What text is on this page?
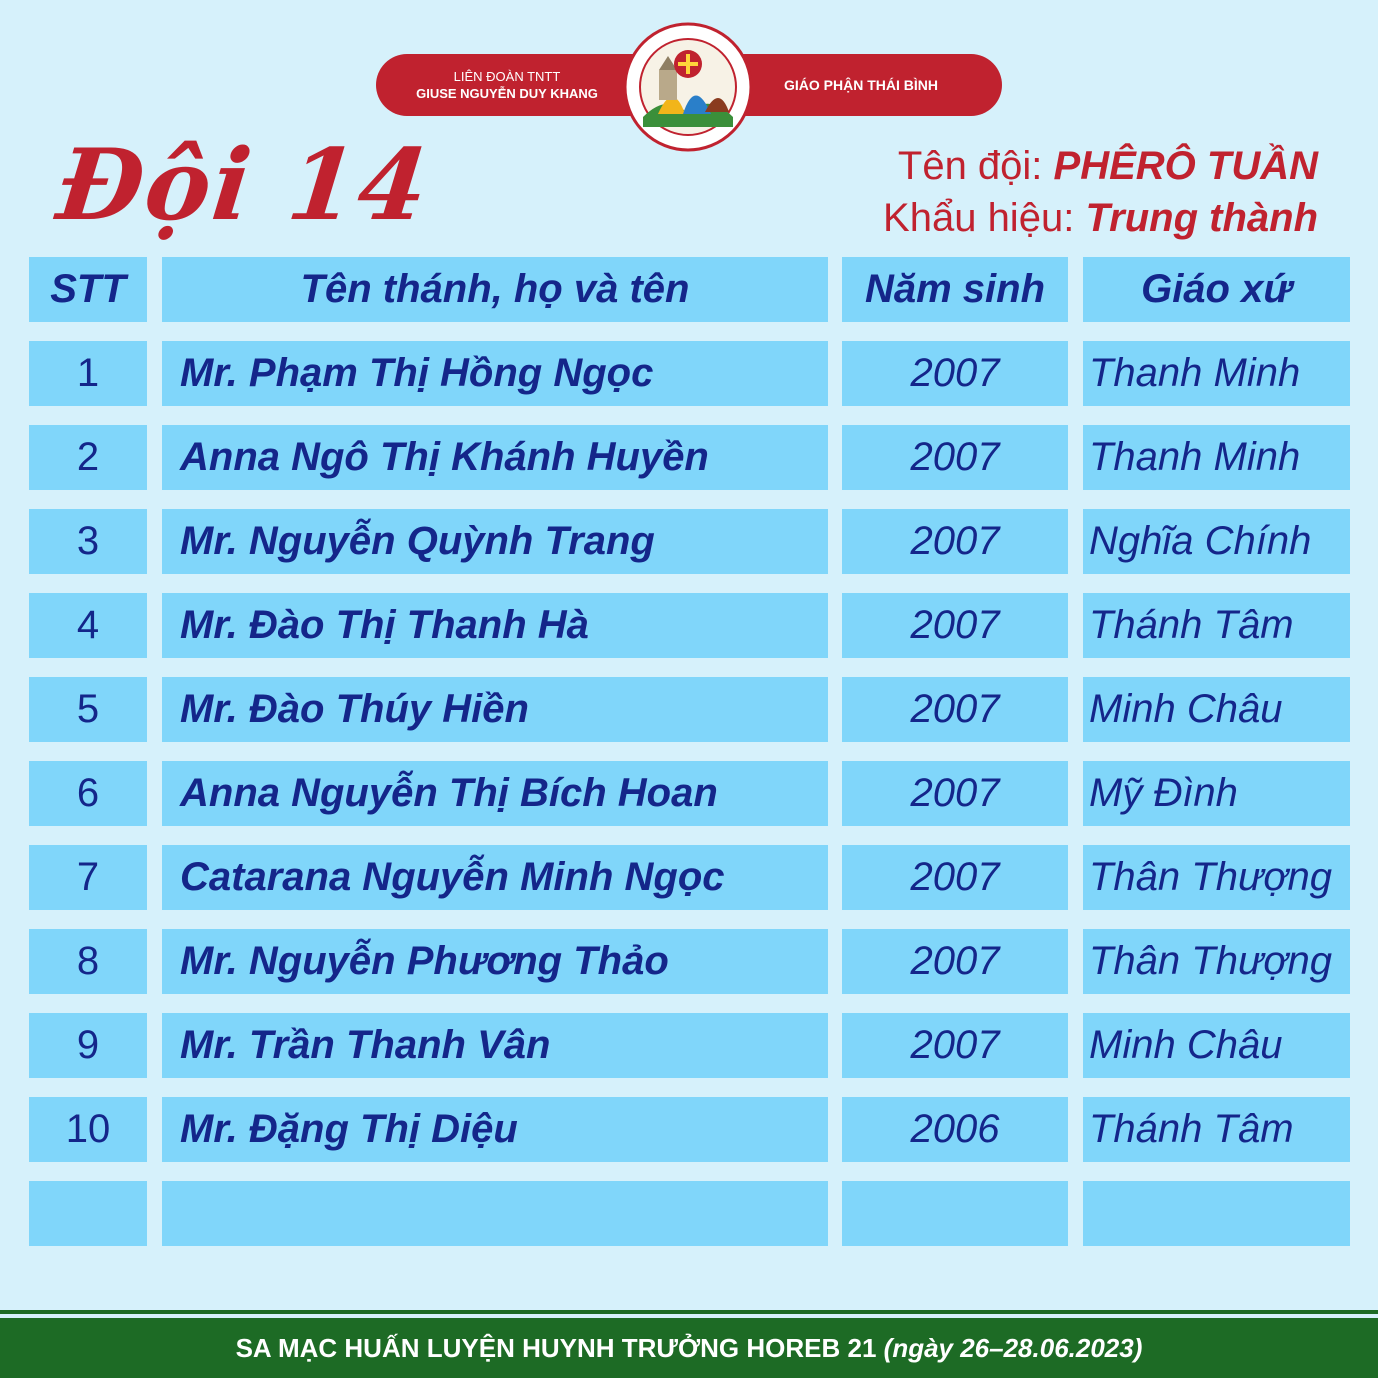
LIÊN ĐOÀN TNTT
GIUSE NGUYỄN DUY KHANG
GIÁO PHẬN THÁI BÌNH
Đội 14	Tên đội: PHÊRÔ TUẦN
Khẩu hiệu: Trung thành
STT	Tên thánh, họ và tên	Năm sinh	Giáo xứ
1	Mr. Phạm Thị Hồng Ngọc	2007	Thanh Minh
2	Anna Ngô Thị Khánh Huyền	2007	Thanh Minh
3	Mr. Nguyễn Quỳnh Trang	2007	Nghĩa Chính
4	Mr. Đào Thị Thanh Hà	2007	Thánh Tâm
5	Mr. Đào Thúy Hiền	2007	Minh Châu
6	Anna Nguyễn Thị Bích Hoan	2007	Mỹ Đình
7	Catarana Nguyễn Minh Ngọc	2007	Thân Thượng
8	Mr. Nguyễn Phương Thảo	2007	Thân Thượng
9	Mr. Trần Thanh Vân	2007	Minh Châu
10	Mr. Đặng Thị Diệu	2006	Thánh Tâm
SA MẠC HUẤN LUYỆN HUYNH TRƯỞNG HOREB 21 (ngày 26–28.06.2023)
